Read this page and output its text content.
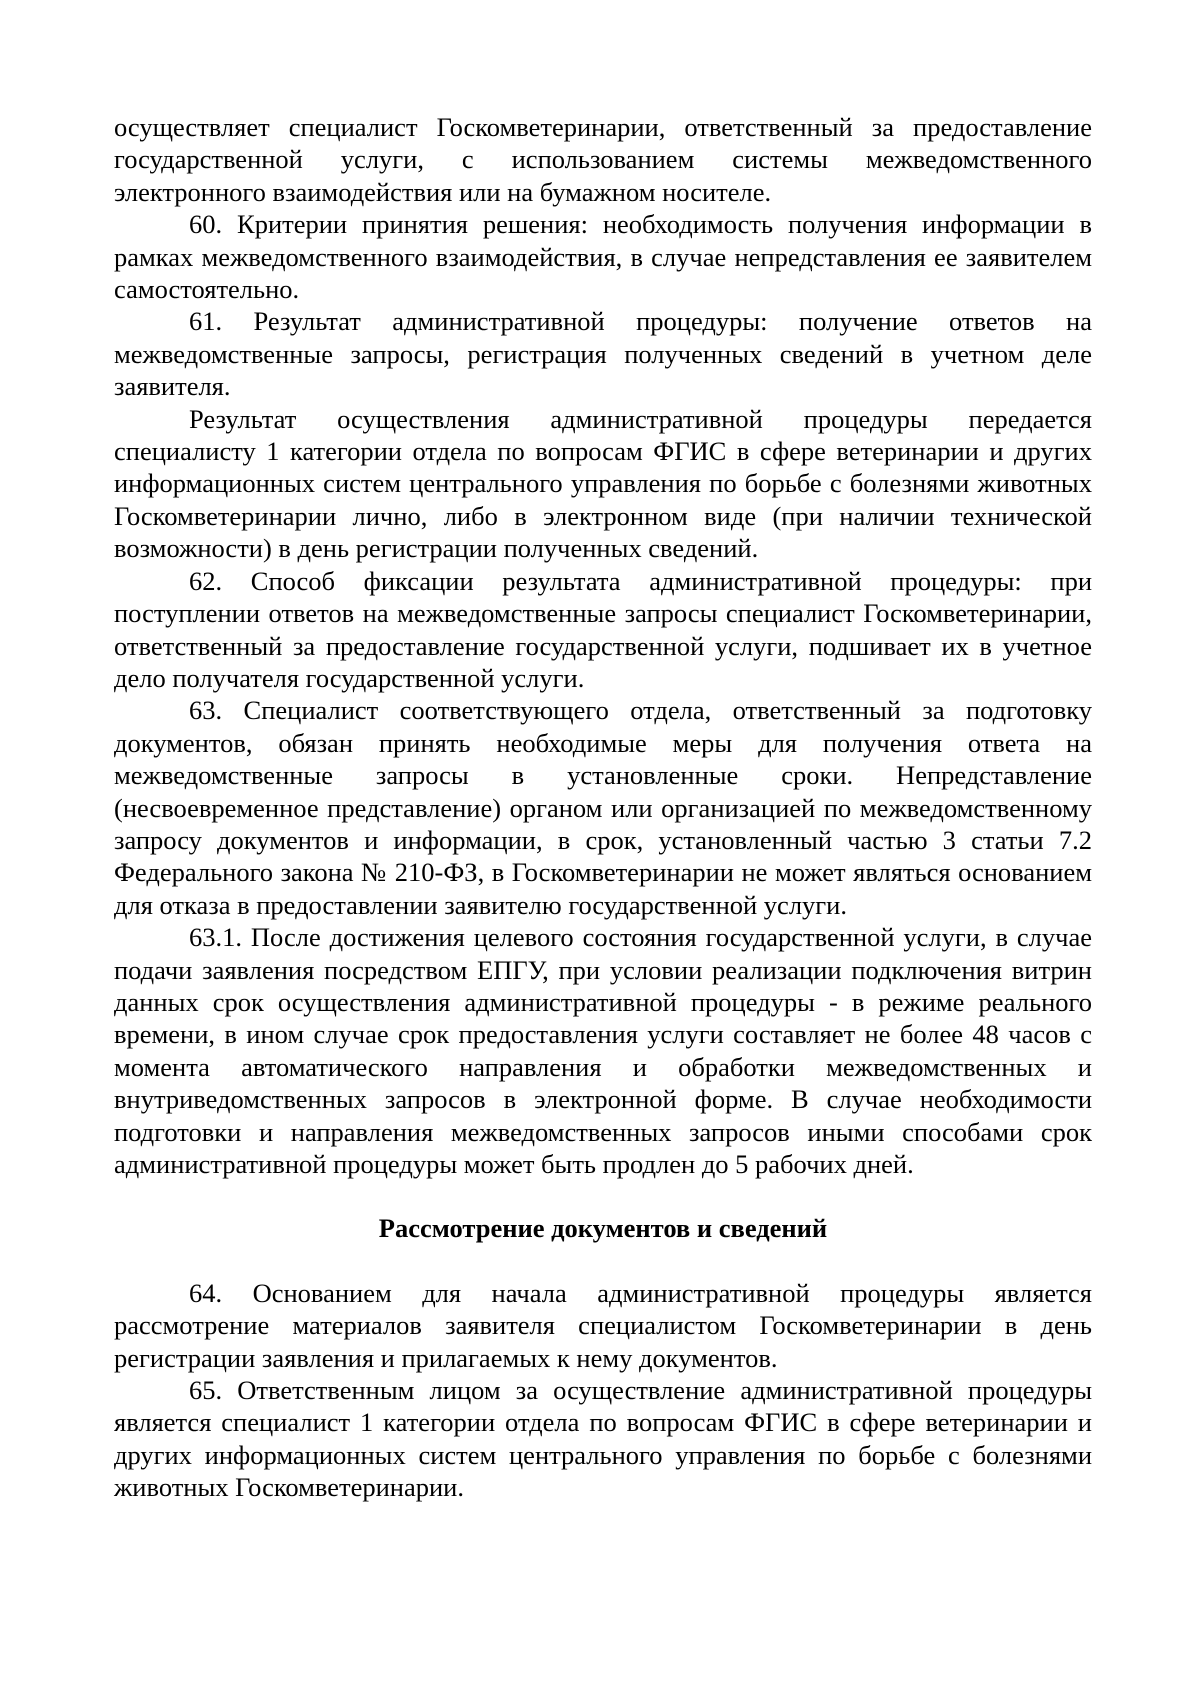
осуществляет специалист Госкомветеринарии, ответственный за предоставление государственной услуги, с использованием системы межведомственного электронного взаимодействия или на бумажном носителе.

60. Критерии принятия решения: необходимость получения информации в рамках межведомственного взаимодействия, в случае непредставления ее заявителем самостоятельно.

61. Результат административной процедуры: получение ответов на межведомственные запросы, регистрация полученных сведений в учетном деле заявителя.

Результат осуществления административной процедуры передается специалисту 1 категории отдела по вопросам ФГИС в сфере ветеринарии и других информационных систем центрального управления по борьбе с болезнями животных Госкомветеринарии лично, либо в электронном виде (при наличии технической возможности) в день регистрации полученных сведений.

62. Способ фиксации результата административной процедуры: при поступлении ответов на межведомственные запросы специалист Госкомветеринарии, ответственный за предоставление государственной услуги, подшивает их в учетное дело получателя государственной услуги.

63. Специалист соответствующего отдела, ответственный за подготовку документов, обязан принять необходимые меры для получения ответа на межведомственные запросы в установленные сроки. Непредставление (несвоевременное представление) органом или организацией по межведомственному запросу документов и информации, в срок, установленный частью 3 статьи 7.2 Федерального закона № 210-ФЗ, в Госкомветеринарии не может являться основанием для отказа в предоставлении заявителю государственной услуги.

63.1. После достижения целевого состояния государственной услуги, в случае подачи заявления посредством ЕПГУ, при условии реализации подключения витрин данных срок осуществления административной процедуры - в режиме реального времени, в ином случае срок предоставления услуги составляет не более 48 часов с момента автоматического направления и обработки межведомственных и внутриведомственных запросов в электронной форме. В случае необходимости подготовки и направления межведомственных запросов иными способами срок административной процедуры может быть продлен до 5 рабочих дней.

Рассмотрение документов и сведений

64. Основанием для начала административной процедуры является рассмотрение материалов заявителя специалистом Госкомветеринарии в день регистрации заявления и прилагаемых к нему документов.

65. Ответственным лицом за осуществление административной процедуры является специалист 1 категории отдела по вопросам ФГИС в сфере ветеринарии и других информационных систем центрального управления по борьбе с болезнями животных Госкомветеринарии.
